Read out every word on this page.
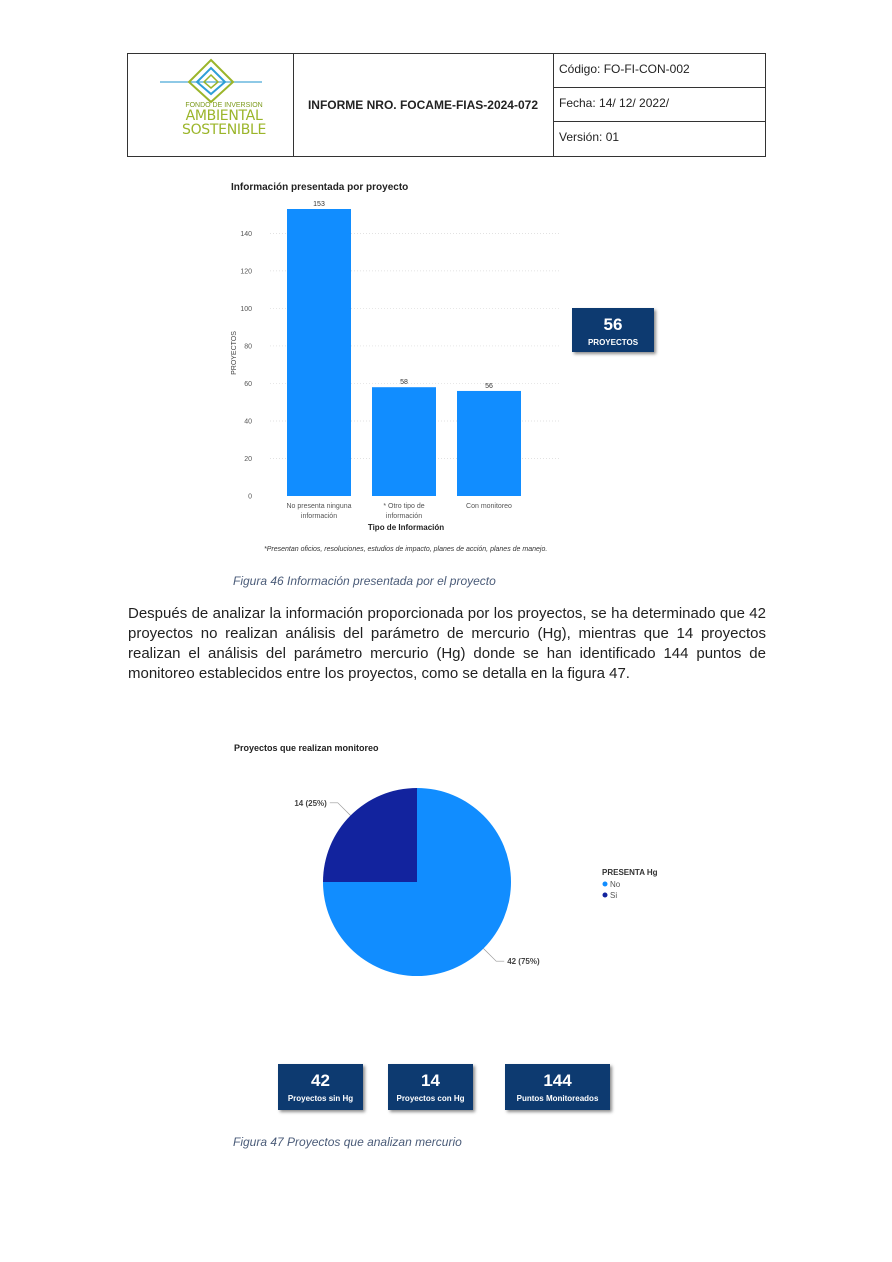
FONDO DE INVERSION
AMBIENTAL
SOSTENIBLE
INFORME NRO. FOCAME-FIAS-2024-072
Código: FO-FI-CON-002
Fecha: 14/ 12/ 2022/
Versión: 01
Información presentada por proyecto
0
20
40
60
80
100
120
140
PROYECTOS
153
No presenta ninguna
información
58
* Otro tipo de
información
56
Con monitoreo
Tipo de Información
*Presentan oficios, resoluciones, estudios de impacto, planes de acción, planes de manejo.
56
PROYECTOS
Figura 46 Información presentada por el proyecto
Después de analizar la información proporcionada por los proyectos, se ha determinado que 42 proyectos no realizan análisis del parámetro de mercurio (Hg), mientras que 14 proyectos realizan el análisis del parámetro mercurio (Hg) donde se han identificado 144 puntos de monitoreo establecidos entre los proyectos, como se detalla en la figura 47.
Proyectos que realizan monitoreo
42 (75%)
14 (25%)
PRESENTA Hg
No
Si
42
Proyectos sin Hg
14
Proyectos con Hg
144
Puntos Monitoreados
Figura 47 Proyectos que analizan mercurio
